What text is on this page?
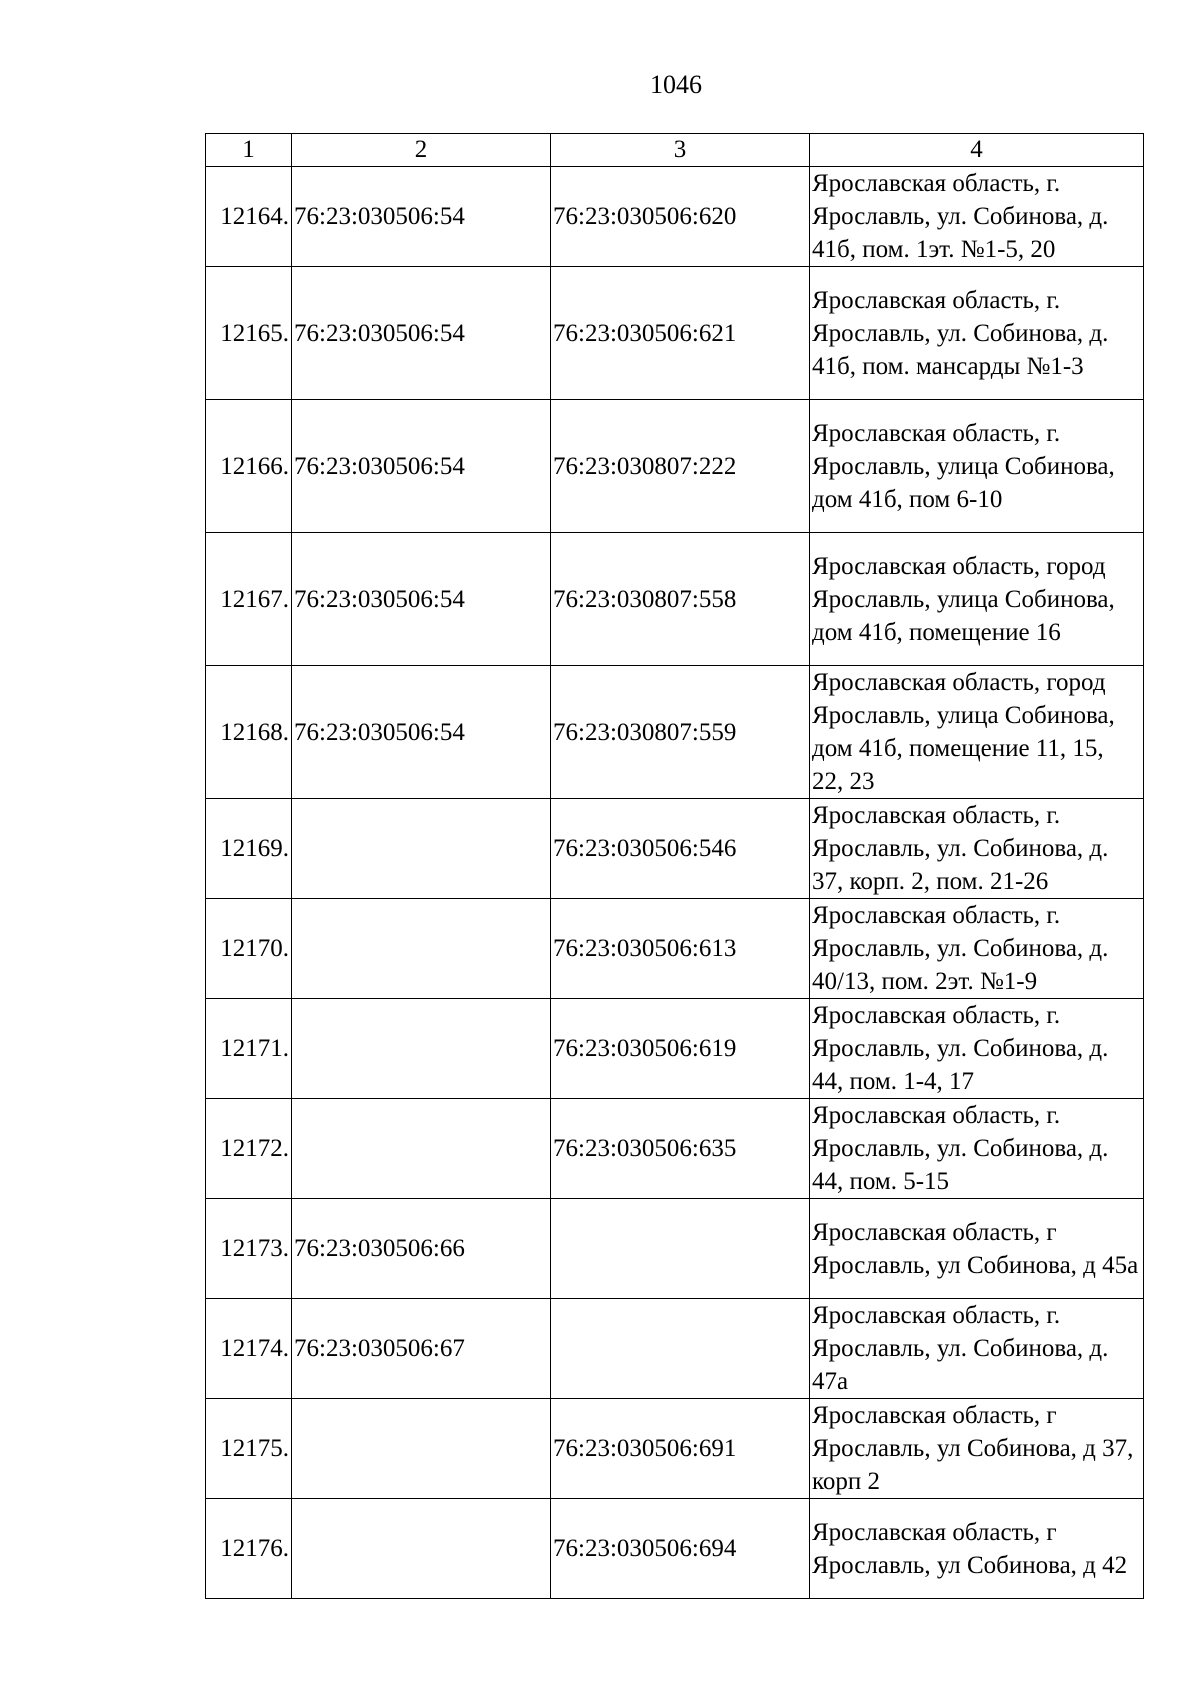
1046
1	2	3	4
12164.	76:23:030506:54	76:23:030506:620	Ярославская область, г. Ярославль, ул. Собинова, д. 41б, пом. 1эт. №1-5, 20
12165.	76:23:030506:54	76:23:030506:621	Ярославская область, г. Ярославль, ул. Собинова, д. 41б, пом. мансарды №1-3
12166.	76:23:030506:54	76:23:030807:222	Ярославская область, г. Ярославль, улица Собинова, дом 41б, пом 6-10
12167.	76:23:030506:54	76:23:030807:558	Ярославская область, город Ярославль, улица Собинова, дом 41б, помещение 16
12168.	76:23:030506:54	76:23:030807:559	Ярославская область, город Ярославль, улица Собинова, дом 41б, помещение 11, 15, 22, 23
12169.		76:23:030506:546	Ярославская область, г. Ярославль, ул. Собинова, д. 37, корп. 2, пом. 21-26
12170.		76:23:030506:613	Ярославская область, г. Ярославль, ул. Собинова, д. 40/13, пом. 2эт. №1-9
12171.		76:23:030506:619	Ярославская область, г. Ярославль, ул. Собинова, д. 44, пом. 1-4, 17
12172.		76:23:030506:635	Ярославская область, г. Ярославль, ул. Собинова, д. 44, пом. 5-15
12173.	76:23:030506:66		Ярославская область, г Ярославль, ул Собинова, д 45а
12174.	76:23:030506:67		Ярославская область, г. Ярославль, ул. Собинова, д. 47а
12175.		76:23:030506:691	Ярославская область, г Ярославль, ул Собинова, д 37, корп 2
12176.		76:23:030506:694	Ярославская область, г Ярославль, ул Собинова, д 42
